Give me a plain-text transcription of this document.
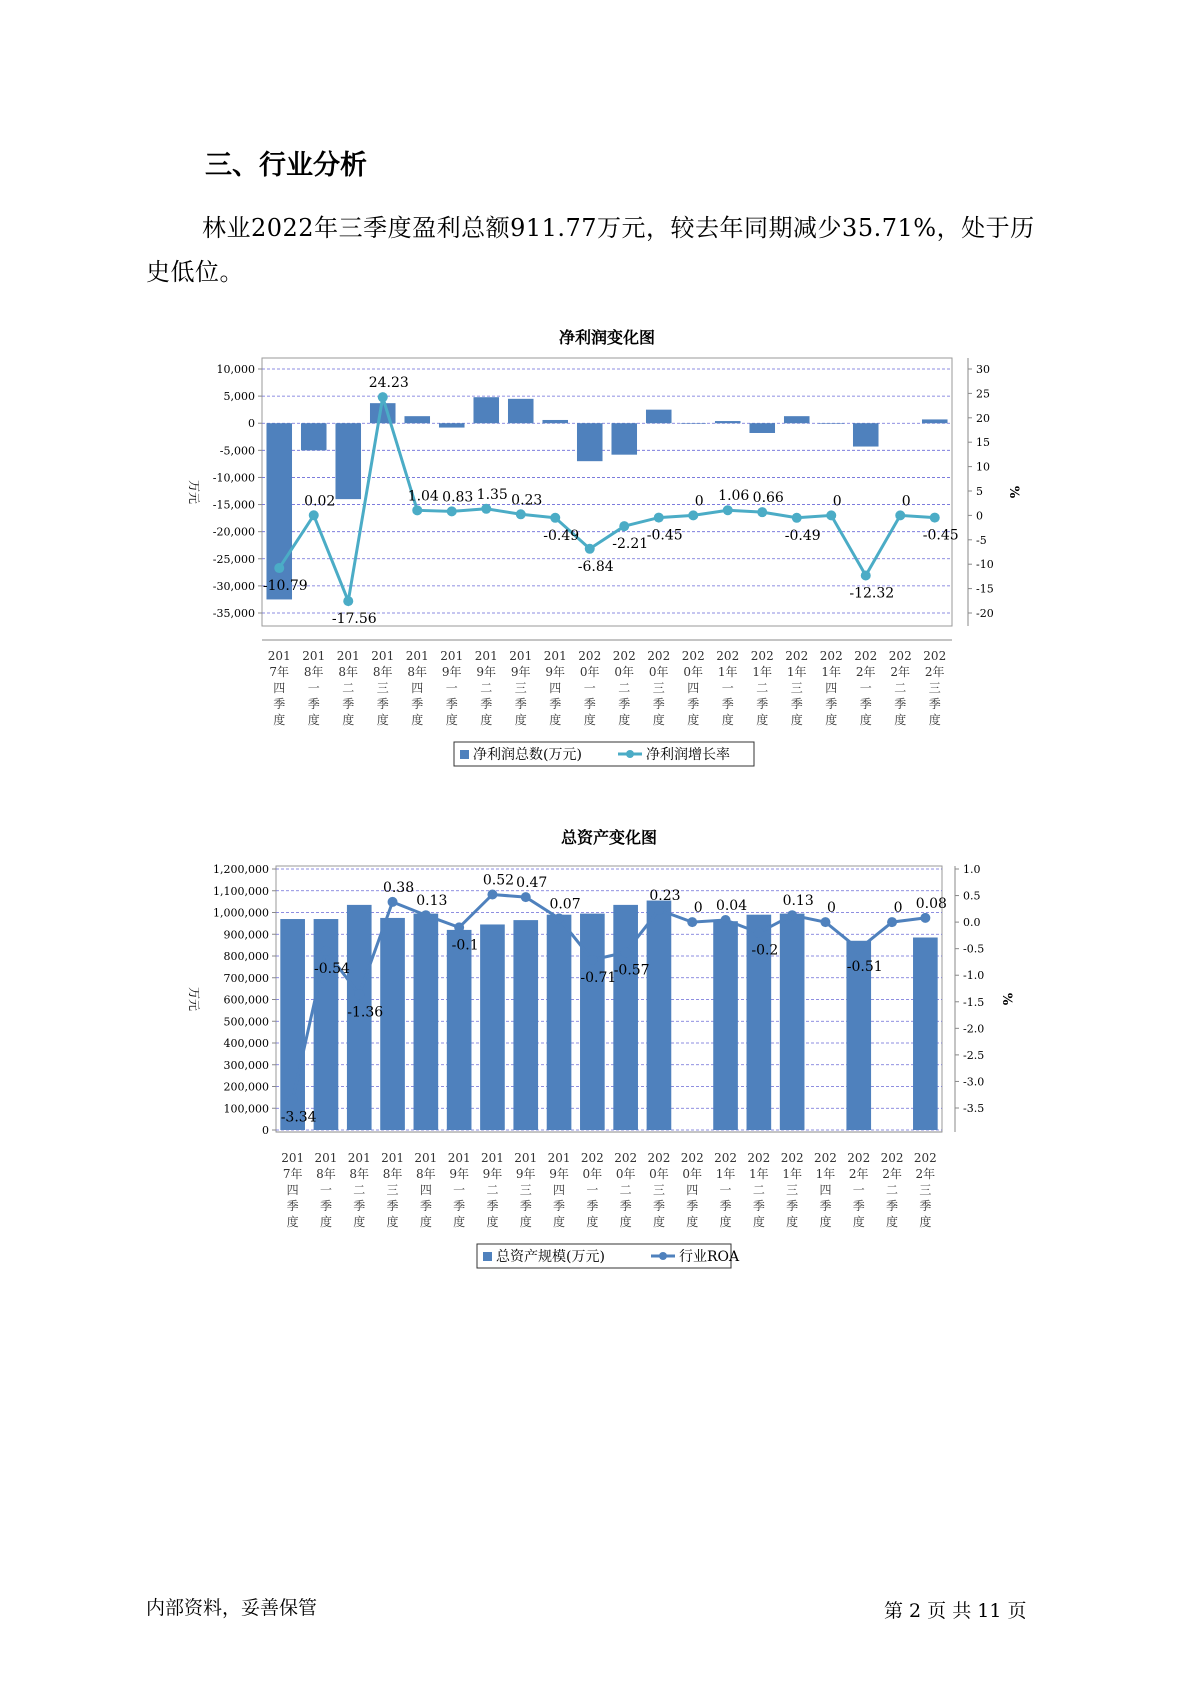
三、行业分析

林业2022年三季度盈利总额911.77万元，较去年同期减少35.71%，处于历史低位。

净利润变化图
10,000
5,000
0
-5,000
-10,000
-15,000
-20,000
-25,000
-30,000
-35,000
30
25
20
15
10
5
0
-5
-10
-15
-20
万元	%
-10.79
0.02
-17.56
24.23
1.04 0.83 1.35 0.23
-0.49
-6.84
-2.21
-0.45
0 1.06 0.66
-0.49
0
-12.32
0
-0.45
201
7年
四
季
度
201
8年
一
季
度
201
8年
二
季
度
201
8年
三
季
度
201
8年
四
季
度
201
9年
一
季
度
201
9年
二
季
度
201
9年
三
季
度
201
9年
四
季
度
202
0年
一
季
度
202
0年
二
季
度
202
0年
三
季
度
202
0年
四
季
度
202
1年
一
季
度
202
1年
二
季
度
202
1年
三
季
度
202
1年
四
季
度
202
2年
一
季
度
202
2年
二
季
度
202
2年
三
季
度
净利润总数(万元)	净利润增长率
总资产变化图
1,200,000
1,100,000
1,000,000
900,000
800,000
700,000
600,000
500,000
400,000
300,000
200,000
100,000
0
1.0
0.5
0.0
-0.5
-1.0
-1.5
-2.0
-2.5
-3.0
-3.5
万元	%
-3.34
-0.54
-1.36
0.38
0.13
-0.1
0.52 0.47
0.07
-0.71
-0.57
0.23
0 0.04
-0.2
0.13 0
-0.51
0 0.08
201
7年
四
季
度
201
8年
一
季
度
201
8年
二
季
度
201
8年
三
季
度
201
8年
四
季
度
201
9年
一
季
度
201
9年
二
季
度
201
9年
三
季
度
201
9年
四
季
度
202
0年
一
季
度
202
0年
二
季
度
202
0年
三
季
度
202
0年
四
季
度
202
1年
一
季
度
202
1年
二
季
度
202
1年
三
季
度
202
1年
四
季
度
202
2年
一
季
度
202
2年
二
季
度
202
2年
三
季
度
总资产规模(万元)	行业ROA
内部资料，妥善保管	第 2 页 共 11 页
